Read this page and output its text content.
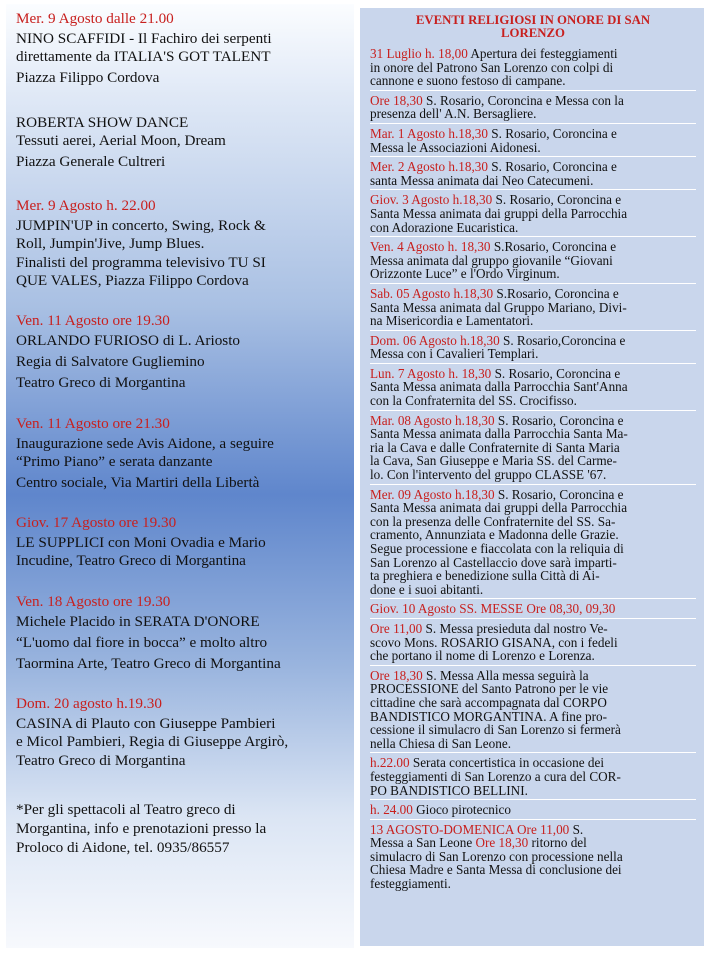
Mer. 9 Agosto dalle 21.00
NINO SCAFFIDI - Il Fachiro dei serpenti
direttamente da ITALIA'S GOT TALENT
Piazza Filippo Cordova
ROBERTA SHOW DANCE
Tessuti aerei, Aerial Moon, Dream
Piazza Generale Cultreri
Mer. 9 Agosto h. 22.00
JUMPIN'UP in concerto, Swing, Rock &
Roll, Jumpin'Jive, Jump Blues.
Finalisti del programma televisivo TU SI
QUE VALES, Piazza Filippo Cordova
Ven. 11 Agosto ore 19.30
ORLANDO FURIOSO di L. Ariosto
Regia di Salvatore Gugliemino
Teatro Greco di Morgantina
Ven. 11 Agosto ore 21.30
Inaugurazione sede Avis Aidone, a seguire
“Primo Piano” e serata danzante
Centro sociale, Via Martiri della Libertà
Giov. 17 Agosto ore 19.30
LE SUPPLICI con Moni Ovadia e Mario
Incudine, Teatro Greco di Morgantina
Ven. 18 Agosto ore 19.30
Michele Placido in SERATA D'ONORE
“L'uomo dal fiore in bocca” e molto altro
Taormina Arte, Teatro Greco di Morgantina
Dom. 20 agosto h.19.30
CASINA di Plauto con Giuseppe Pambieri
e Micol Pambieri, Regia di Giuseppe Argirò,
Teatro Greco di Morgantina
*Per gli spettacoli al Teatro greco di
Morgantina, info e prenotazioni presso la
Proloco di Aidone, tel. 0935/86557
EVENTI RELIGIOSI IN ONORE DI SAN
LORENZO
31 Luglio h. 18,00 Apertura dei festeggiamenti
in onore del Patrono San Lorenzo con colpi di
cannone e suono festoso di campane.
Ore 18,30 S. Rosario, Coroncina e Messa con la
presenza dell' A.N. Bersagliere.
Mar. 1 Agosto h.18,30 S. Rosario, Coroncina e
Messa le Associazioni Aidonesi.
Mer. 2 Agosto h.18,30 S. Rosario, Coroncina e
santa Messa animata dai Neo Catecumeni.
Giov. 3 Agosto h.18,30 S. Rosario, Coroncina e
Santa Messa animata dai gruppi della Parrocchia
con Adorazione Eucaristica.
Ven. 4 Agosto h. 18,30 S.Rosario, Coroncina e
Messa animata dal gruppo giovanile “Giovani
Orizzonte Luce” e l'Ordo Virginum.
Sab. 05 Agosto h.18,30 S.Rosario, Coroncina e
Santa Messa animata dal Gruppo Mariano, Divi-
na Misericordia e Lamentatori.
Dom. 06 Agosto h.18,30 S. Rosario,Coroncina e
Messa con i Cavalieri Templari.
Lun. 7 Agosto h. 18,30 S. Rosario, Coroncina e
Santa Messa animata dalla Parrocchia Sant'Anna
con la Confraternita del SS. Crocifisso.
Mar. 08 Agosto h.18,30 S. Rosario, Coroncina e
Santa Messa animata dalla Parrocchia Santa Ma-
ria la Cava e dalle Confraternite di Santa Maria
la Cava, San Giuseppe e Maria SS. del Carme-
lo. Con l'intervento del gruppo CLASSE '67.
Mer. 09 Agosto h.18,30 S. Rosario, Coroncina e
Santa Messa animata dai gruppi della Parrocchia
con la presenza delle Confraternite del SS. Sa-
cramento, Annunziata e Madonna delle Grazie.
Segue processione e fiaccolata con la reliquia di
San Lorenzo al Castellaccio dove sarà imparti-
ta preghiera e benedizione sulla Città di Ai-
done e i suoi abitanti.
Giov. 10 Agosto SS. MESSE Ore 08,30, 09,30
Ore 11,00 S. Messa presieduta dal nostro Ve-
scovo Mons. ROSARIO GISANA, con i fedeli
che portano il nome di Lorenzo e Lorenza.
Ore 18,30 S. Messa Alla messa seguirà la
PROCESSIONE del Santo Patrono per le vie
cittadine che sarà accompagnata dal CORPO
BANDISTICO MORGANTINA. A fine pro-
cessione il simulacro di San Lorenzo si fermerà
nella Chiesa di San Leone.
h.22.00 Serata concertistica in occasione dei
festeggiamenti di San Lorenzo a cura del COR-
PO BANDISTICO BELLINI.
h. 24.00 Gioco pirotecnico
13 AGOSTO-DOMENICA Ore 11,00 S.
Messa a San Leone Ore 18,30 ritorno del
simulacro di San Lorenzo con processione nella
Chiesa Madre e Santa Messa di conclusione dei
festeggiamenti.
